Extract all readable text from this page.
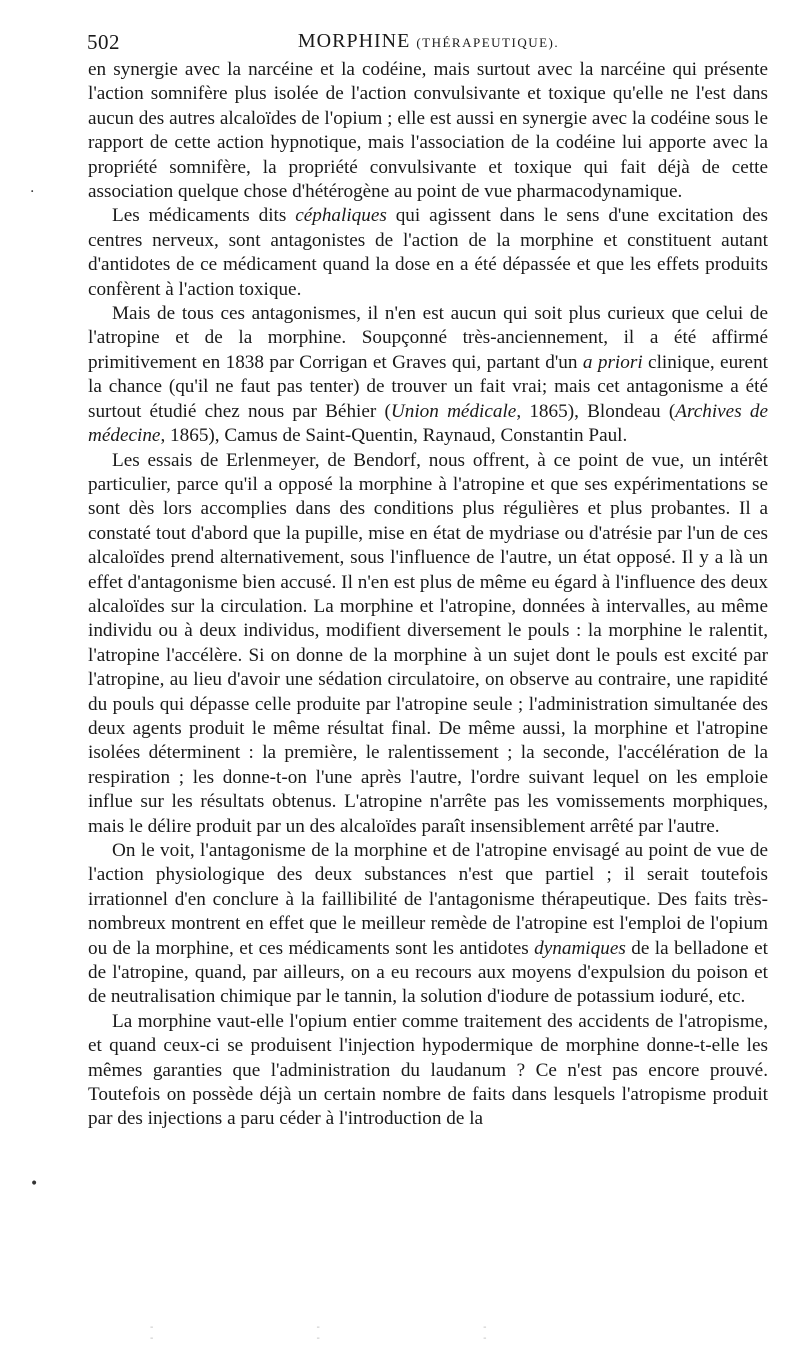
502	MORPHINE (THÉRAPEUTIQUE).
·
•

en synergie avec la narcéine et la codéine, mais surtout avec la narcéine qui présente l'action somnifère plus isolée de l'action convulsivante et toxique qu'elle ne l'est dans aucun des autres alcaloïdes de l'opium ; elle est aussi en synergie avec la codéine sous le rapport de cette action hypnotique, mais l'association de la codéine lui apporte avec la propriété somnifère, la propriété convulsivante et toxique qui fait déjà de cette association quelque chose d'hétérogène au point de vue pharmacodynamique.

Les médicaments dits céphaliques qui agissent dans le sens d'une excitation des centres nerveux, sont antagonistes de l'action de la morphine et constituent autant d'antidotes de ce médicament quand la dose en a été dépassée et que les effets produits confèrent à l'action toxique.

Mais de tous ces antagonismes, il n'en est aucun qui soit plus curieux que celui de l'atropine et de la morphine. Soupçonné très-anciennement, il a été affirmé primitivement en 1838 par Corrigan et Graves qui, partant d'un a priori clinique, eurent la chance (qu'il ne faut pas tenter) de trouver un fait vrai; mais cet antagonisme a été surtout étudié chez nous par Béhier (Union médicale, 1865), Blondeau (Archives de médecine, 1865), Camus de Saint-Quentin, Raynaud, Constantin Paul.

Les essais de Erlenmeyer, de Bendorf, nous offrent, à ce point de vue, un intérêt particulier, parce qu'il a opposé la morphine à l'atropine et que ses expérimentations se sont dès lors accomplies dans des conditions plus régulières et plus probantes. Il a constaté tout d'abord que la pupille, mise en état de mydriase ou d'atrésie par l'un de ces alcaloïdes prend alternativement, sous l'influence de l'autre, un état opposé. Il y a là un effet d'antagonisme bien accusé. Il n'en est plus de même eu égard à l'influence des deux alcaloïdes sur la circulation. La morphine et l'atropine, données à intervalles, au même individu ou à deux individus, modifient diversement le pouls : la morphine le ralentit, l'atropine l'accélère. Si on donne de la morphine à un sujet dont le pouls est excité par l'atropine, au lieu d'avoir une sédation circulatoire, on observe au contraire, une rapidité du pouls qui dépasse celle produite par l'atropine seule ; l'administration simultanée des deux agents produit le même résultat final. De même aussi, la morphine et l'atropine isolées déterminent : la première, le ralentissement ; la seconde, l'accélération de la respiration ; les donne-t-on l'une après l'autre, l'ordre suivant lequel on les emploie influe sur les résultats obtenus. L'atropine n'arrête pas les vomissements morphiques, mais le délire produit par un des alcaloïdes paraît insensiblement arrêté par l'autre.

On le voit, l'antagonisme de la morphine et de l'atropine envisagé au point de vue de l'action physiologique des deux substances n'est que partiel ; il serait toutefois irrationnel d'en conclure à la faillibilité de l'antagonisme thérapeutique. Des faits très-nombreux montrent en effet que le meilleur remède de l'atropine est l'emploi de l'opium ou de la morphine, et ces médicaments sont les antidotes dynamiques de la belladone et de l'atropine, quand, par ailleurs, on a eu recours aux moyens d'expulsion du poison et de neutralisation chimique par le tannin, la solution d'iodure de potassium ioduré, etc.

La morphine vaut-elle l'opium entier comme traitement des accidents de l'atropisme, et quand ceux-ci se produisent l'injection hypodermique de morphine donne-t-elle les mêmes garanties que l'administration du laudanum ? Ce n'est pas encore prouvé. Toutefois on possède déjà un certain nombre de faits dans lesquels l'atropisme produit par des injections a paru céder à l'introduction de la

- - - - - -
